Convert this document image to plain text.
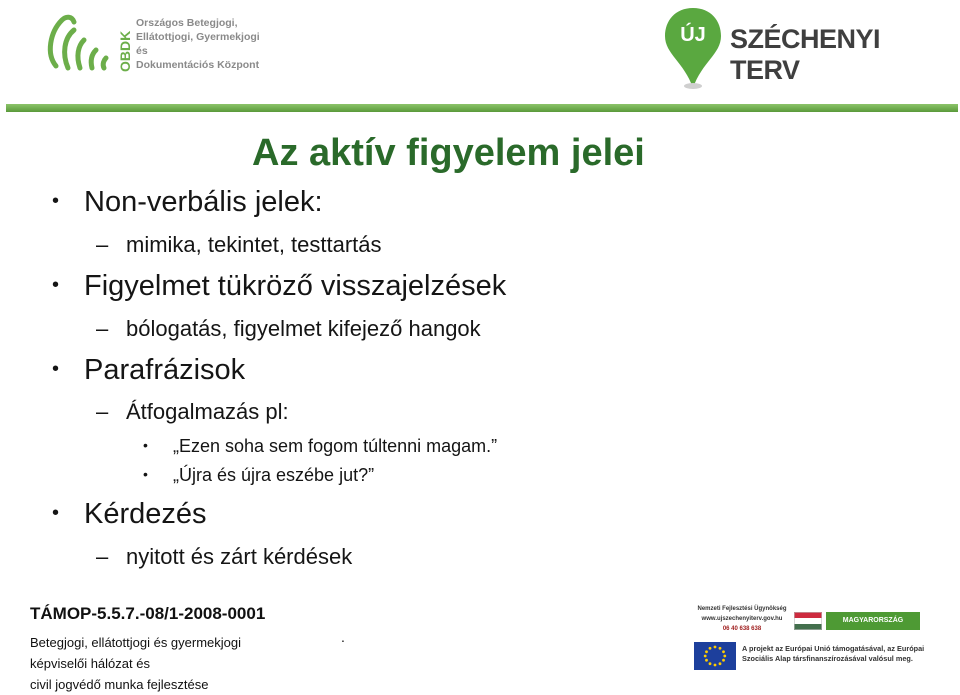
OBDK
Országos Betegjogi,
Ellátottjogi, Gyermekjogi és
Dokumentációs Központ
ÚJ SZÉCHENYI TERV
Az aktív figyelem jelei
• Non-verbális jelek:
– mimika, tekintet, testtartás
• Figyelmet tükröző visszajelzések
– bólogatás, figyelmet kifejező hangok
• Parafrázisok
– Átfogalmazás pl:
• „Ezen soha sem fogom túltenni magam.”
• „Újra és újra eszébe jut?”
• Kérdezés
– nyitott és zárt kérdések
TÁMOP-5.5.7.-08/1-2008-0001
Betegjogi, ellátottjogi és gyermekjogi
képviselői hálózat és
civil jogvédő munka fejlesztése
.
Nemzeti Fejlesztési Ügynökség
www.ujszechenyiterv.gov.hu
06 40 638 638
MAGYARORSZÁG MEGÚJUL
A projekt az Európai Unió támogatásával, az Európai Szociális Alap társfinanszírozásával valósul meg.
